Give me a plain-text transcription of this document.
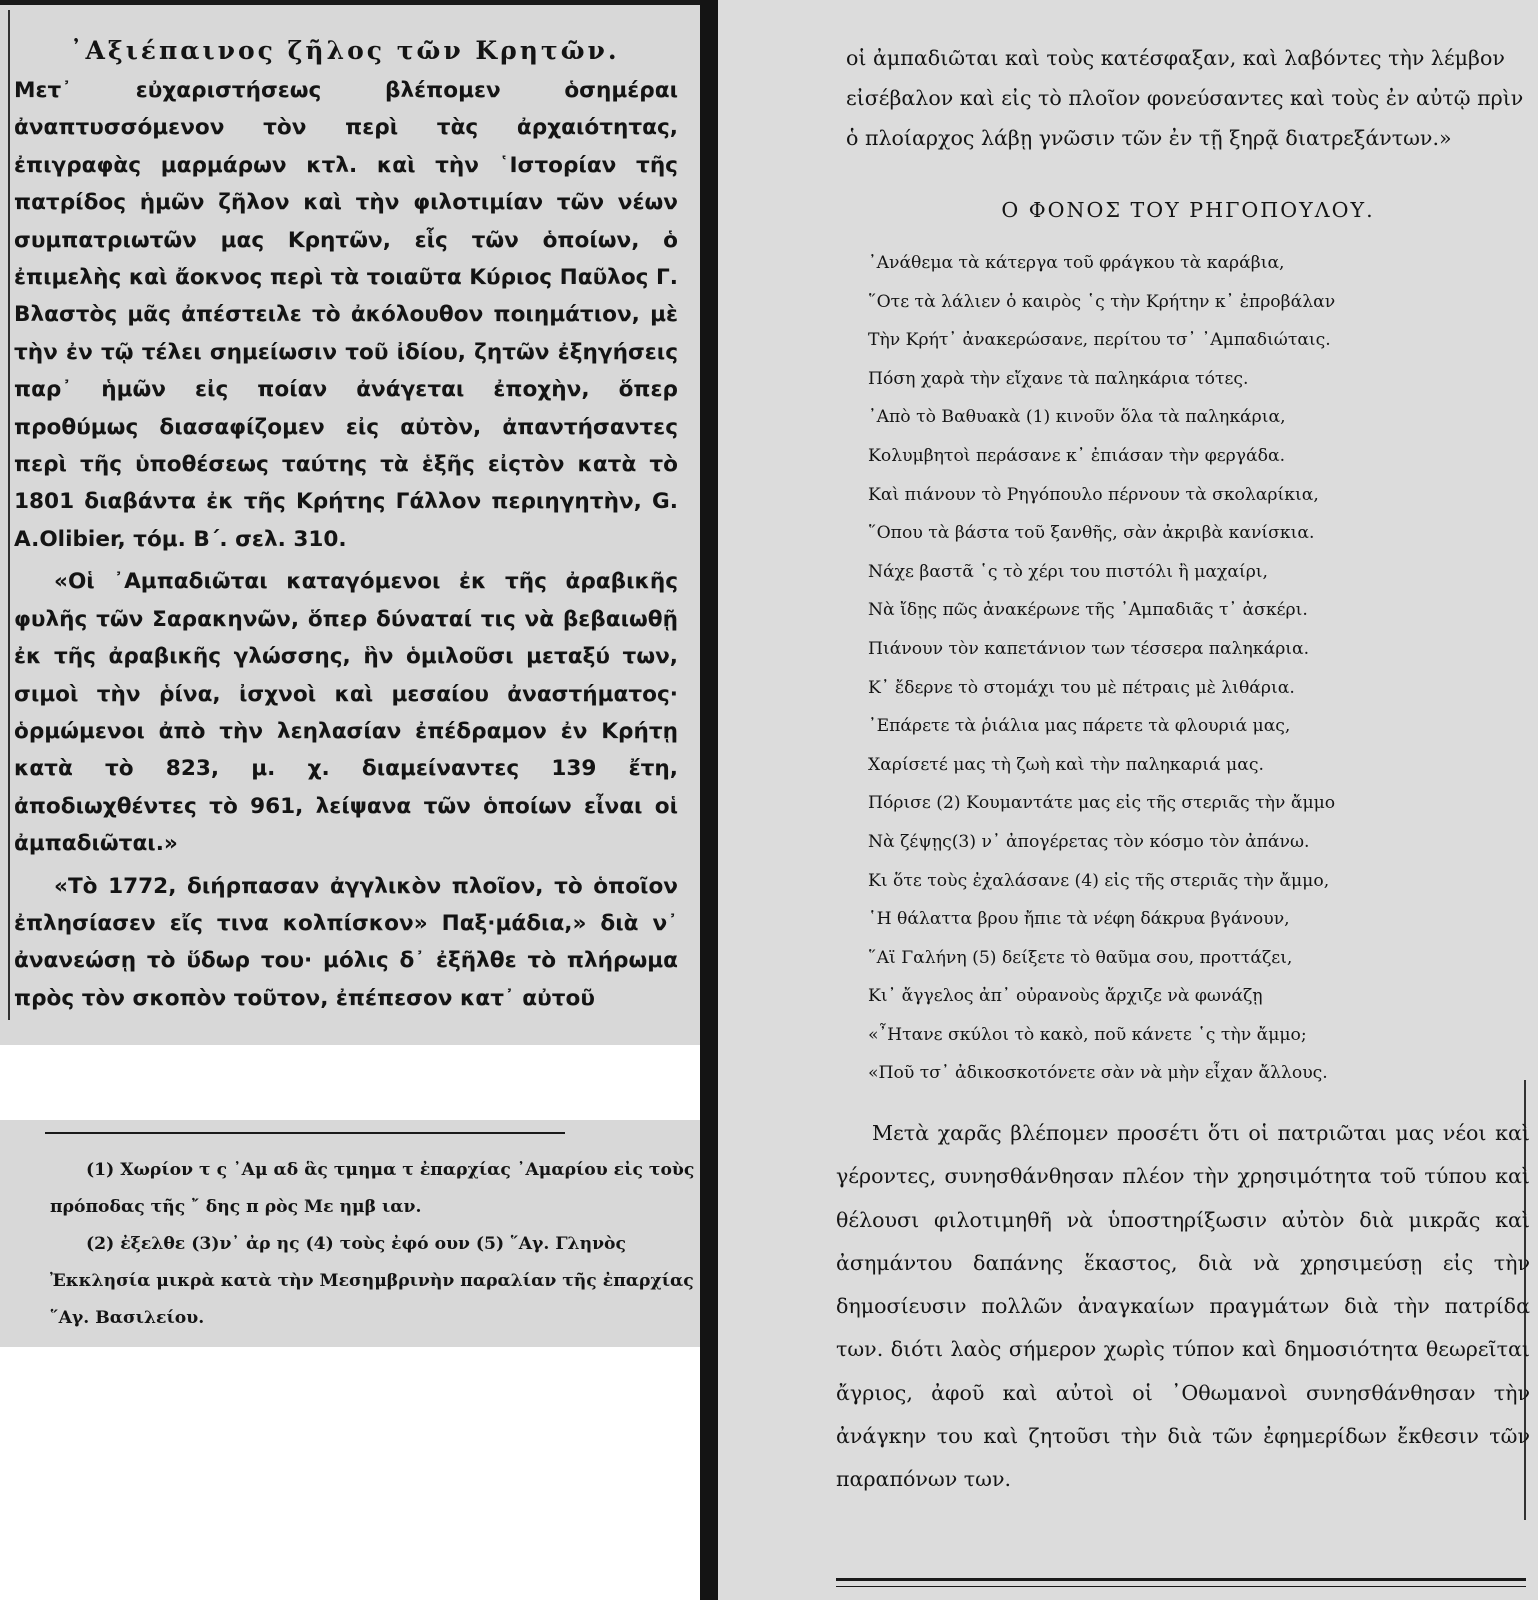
᾿Αξιέπαινος ζῆλος τῶν Κρητῶν.

Μετ᾿ εὐχαριστήσεως βλέπομεν ὁσημέραι ἀναπτυσσόμενον τὸν περὶ τὰς ἀρχαιότητας, ἐπιγραφὰς μαρμάρων κτλ. καὶ τὴν ῾Ιστορίαν τῆς πατρίδος ἡμῶν ζῆλον καὶ τὴν φιλοτιμίαν τῶν νέων συμπατριωτῶν μας Κρητῶν, εἷς τῶν ὁποίων, ὁ ἐπιμελὴς καὶ ἄοκνος περὶ τὰ τοιαῦτα Κύριος Παῦλος Γ. Βλαστὸς μᾶς ἀπέστειλε τὸ ἀκόλουθον ποιημάτιον, μὲ τὴν ἐν τῷ τέλει σημείωσιν τοῦ ἰδίου, ζητῶν ἐξηγήσεις παρ᾿ ἡμῶν εἰς ποίαν ἀνάγεται ἐποχὴν, ὅπερ προθύμως διασαφίζομεν εἰς αὐτὸν, ἀπαντήσαντες περὶ τῆς ὑποθέσεως ταύτης τὰ ἑξῆς εἰςτὸν κατὰ τὸ 1801 διαβάντα ἐκ τῆς Κρήτης Γάλλον περιηγητὴν, G. A.Olibier, τόμ. Β΄. σελ. 310.

«Οἱ ᾿Αμπαδιῶται καταγόμενοι ἐκ τῆς ἀραβικῆς φυλῆς τῶν Σαρακηνῶν, ὅπερ δύναταί τις νὰ βεβαιωθῇ ἐκ τῆς ἀραβικῆς γλώσσης, ἣν ὁμιλοῦσι μεταξύ των, σιμοὶ τὴν ῥίνα, ἰσχνοὶ καὶ μεσαίου ἀναστήματος· ὁρμώμενοι ἀπὸ τὴν λεηλασίαν ἐπέδραμον ἐν Κρήτῃ κατὰ τὸ 823, μ. χ. διαμείναντες 139 ἔτη, ἀποδιωχθέντες τὸ 961, λείψανα τῶν ὁποίων εἶναι οἱ ἀμπαδιῶται.»

«Τὸ 1772, διήρπασαν ἀγγλικὸν πλοῖον, τὸ ὁποῖον ἐπλησίασεν εἴς τινα κολπίσκον» Παξ·μάδια,» διὰ ν᾿ ἀνανεώσῃ τὸ ὕδωρ του· μόλις δ᾿ ἐξῆλθε τὸ πλήρωμα πρὸς τὸν σκοπὸν τοῦτον, ἐπέπεσον κατ᾿ αὐτοῦ

(1) Χωρίον τ ς ᾿Αμ αδ ἃς τμημα τ ἐπαρχίας ᾿Αμαρίου εἰς τοὺς πρόποδας τῆς ῎ δης π ρὸς Με ημβ ιαν.

(2) ἐξελθε (3)ν᾿ ἀρ ης (4) τοὺς ἐφό ουν (5) ῞Αγ. Γληνὸς Ἐκκλησία μικρὰ κατὰ τὴν Μεσημβρινὴν παραλίαν τῆς ἐπαρχίας ῞Αγ. Βασιλείου.

οἱ ἀμπαδιῶται καὶ τοὺς κατέσφαξαν, καὶ λαβόντες τὴν λέμβον εἰσέβαλον καὶ εἰς τὸ πλοῖον φονεύσαντες καὶ τοὺς ἐν αὐτῷ πρὶν ὁ πλοίαρχος λάβῃ γνῶσιν τῶν ἐν τῇ ξηρᾷ διατρεξάντων.»

Ο ΦΟΝΟΣ ΤΟΥ ΡΗΓΟΠΟΥΛΟΥ.
᾿Ανάθεμα τὰ κάτεργα τοῦ φράγκου τὰ καράβια,
῞Οτε τὰ λάλιεν ὁ καιρὸς ῾ς τὴν Κρήτην κ᾿ ἐπροβάλαν
Τὴν Κρήτ᾿ ἀνακερώσανε, περίτου τσ᾿ ᾿Αμπαδιώταις.
Πόση χαρὰ τὴν εἴχανε τὰ παληκάρια τότες.
᾿Απὸ τὸ Βαθυακὰ (1) κινοῦν ὅλα τὰ παληκάρια,
Κολυμβητοὶ περάσανε κ᾿ ἐπιάσαν τὴν φεργάδα.
Καὶ πιάνουν τὸ Ρηγόπουλο πέρνουν τὰ σκολαρίκια,
῞Οπου τὰ βάστα τοῦ ξανθῆς, σὰν ἀκριβὰ κανίσκια.
Νάχε βαστᾶ ῾ς τὸ χέρι του πιστόλι ἢ μαχαίρι,
Νὰ ἴδῃς πῶς ἀνακέρωνε τῆς ᾿Αμπαδιᾶς τ᾿ ἀσκέρι.
Πιάνουν τὸν καπετάνιον των τέσσερα παληκάρια.
Κ᾿ ἔδερνε τὸ στομάχι του μὲ πέτραις μὲ λιθάρια.
᾿Επάρετε τὰ ῥιάλια μας πάρετε τὰ φλουριά μας,
Χαρίσετέ μας τὴ ζωὴ καὶ τὴν παληκαριά μας.
Πόρισε (2) Κουμαντάτε μας εἰς τῆς στεριᾶς τὴν ἄμμο
Νὰ ζέψῃς(3) ν᾿ ἀπογέρετας τὸν κόσμο τὸν ἀπάνω.
Κι ὅτε τοὺς ἐχαλάσανε (4) εἰς τῆς στεριᾶς τὴν ἄμμο,
῾Η θάλαττα βρου ἤπιε τὰ νέφη δάκρυα βγάνουν,
῞Αϊ Γαλήνη (5) δείξετε τὸ θαῦμα σου, προττάζει,
Κι᾿ ἄγγελος ἀπ᾿ οὐρανοὺς ἄρχιζε νὰ φωνάζῃ
«῏Ητανε σκύλοι τὸ κακὸ, ποῦ κάνετε ῾ς τὴν ἄμμο;
«Ποῦ τσ᾿ ἀδικοσκοτόνετε σὰν νὰ μὴν εἶχαν ἄλλους.

Μετὰ χαρᾶς βλέπομεν προσέτι ὅτι οἱ πατριῶται μας νέοι καὶ γέροντες, συνησθάνθησαν πλέον τὴν χρησιμότητα τοῦ τύπου καὶ θέλουσι φιλοτιμηθῆ νὰ ὑποστηρίξωσιν αὐτὸν διὰ μικρᾶς καὶ ἀσημάντου δαπάνης ἕκαστος, διὰ νὰ χρησιμεύσῃ εἰς τὴν δημοσίευσιν πολλῶν ἀναγκαίων πραγμάτων διὰ τὴν πατρίδα των. διότι λαὸς σήμερον χωρὶς τύπον καὶ δημοσιότητα θεωρεῖται ἄγριος, ἀφοῦ καὶ αὐτοὶ οἱ ᾿Οθωμανοὶ συνησθάνθησαν τὴν ἀνάγκην του καὶ ζητοῦσι τὴν διὰ τῶν ἐφημερίδων ἔκθεσιν τῶν παραπόνων των.
